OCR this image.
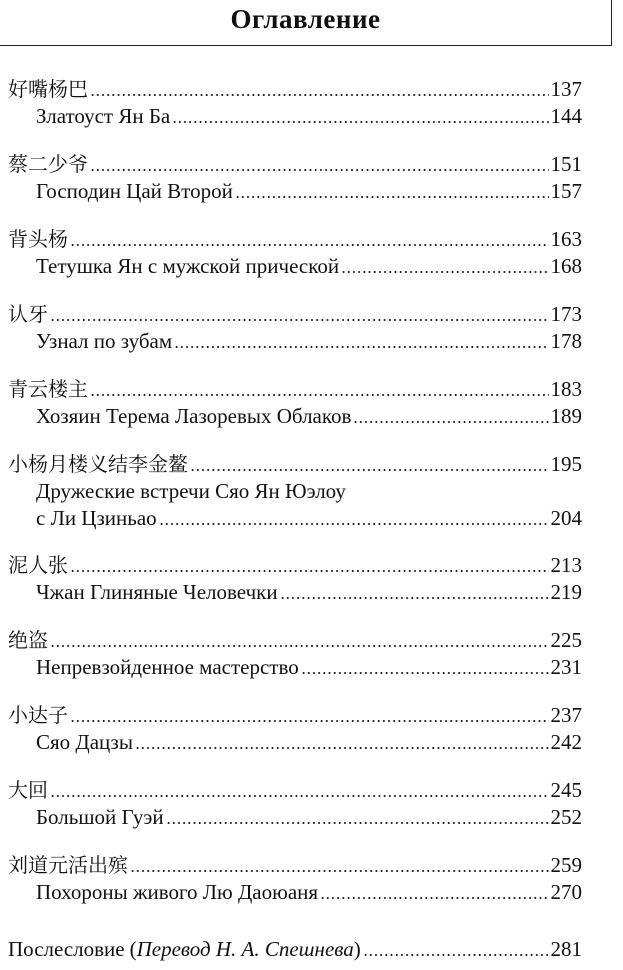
Оглавление
好嘴杨巴	137
Златоуст Ян Ба	144
蔡二少爷	151
Господин Цай Второй	157
背头杨	163
Тетушка Ян с мужской прической	168
认牙	173
Узнал по зубам	178
青云楼主	183
Хозяин Терема Лазоревых Облаков	189
小杨月楼义结李金鳌	195
Дружеские встречи Сяо Ян Юэлоу
с Ли Цзиньао	204
泥人张	213
Чжан Глиняные Человечки	219
绝盗	225
Непревзойденное мастерство	231
小达子	237
Сяо Дацзы	242
大回	245
Большой Гуэй	252
刘道元活出殡	259
Похороны живого Лю Даоюаня	270
Послесловие ( Перевод Н. А. Спешнева )	281
